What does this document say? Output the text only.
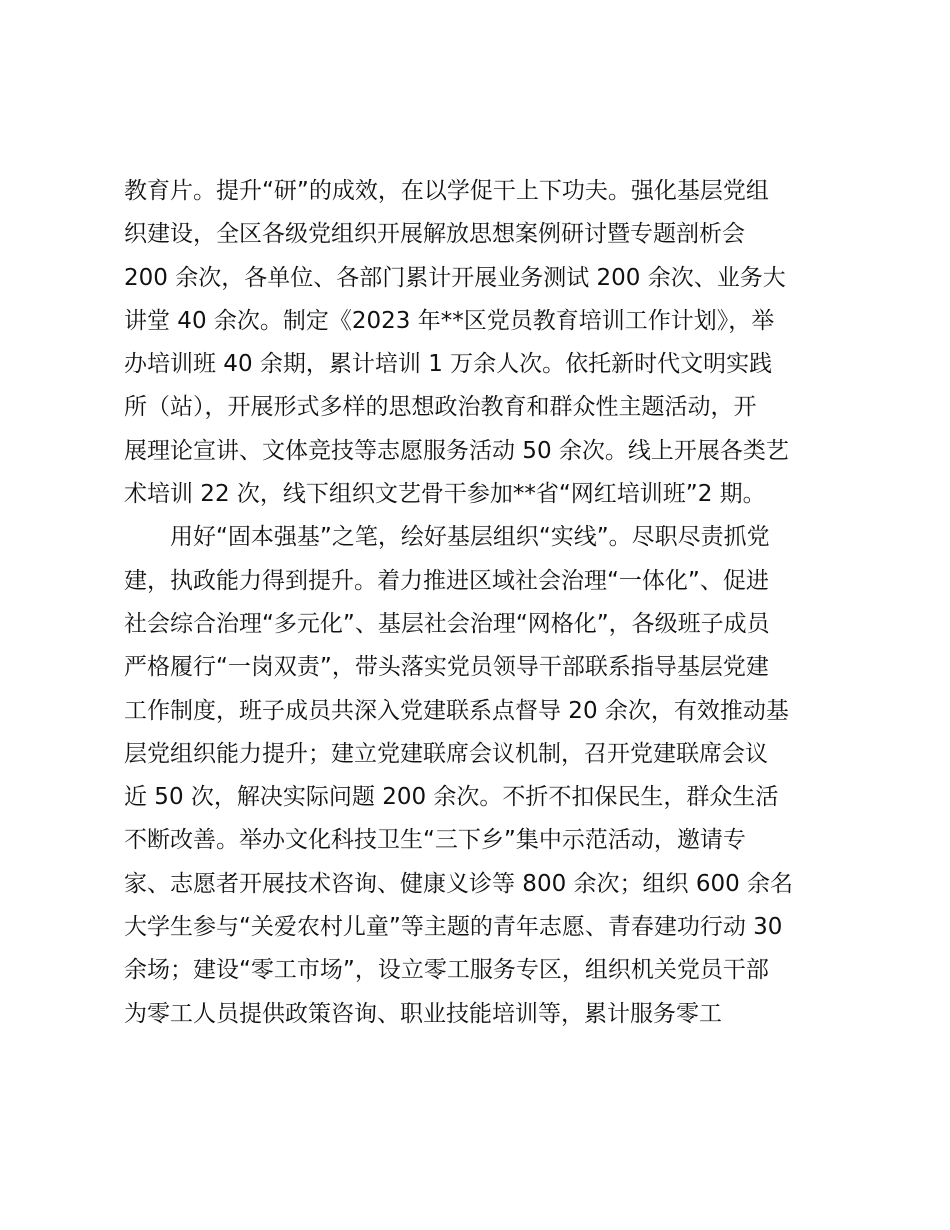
教育片。提升“研”的成效，在以学促干上下功夫。强化基层党组
织建设，全区各级党组织开展解放思想案例研讨暨专题剖析会
200 余次，各单位、各部门累计开展业务测试 200 余次、业务大
讲堂 40 余次。制定《2023 年**区党员教育培训工作计划》，举
办培训班 40 余期，累计培训 1 万余人次。依托新时代文明实践
所（站），开展形式多样的思想政治教育和群众性主题活动，开
展理论宣讲、文体竞技等志愿服务活动 50 余次。线上开展各类艺
术培训 22 次，线下组织文艺骨干参加**省“网红培训班”2 期。
用好“固本强基”之笔，绘好基层组织“实线”。尽职尽责抓党
建，执政能力得到提升。着力推进区域社会治理“一体化”、促进
社会综合治理“多元化”、基层社会治理“网格化”，各级班子成员
严格履行“一岗双责”，带头落实党员领导干部联系指导基层党建
工作制度，班子成员共深入党建联系点督导 20 余次，有效推动基
层党组织能力提升；建立党建联席会议机制，召开党建联席会议
近 50 次，解决实际问题 200 余次。不折不扣保民生，群众生活
不断改善。举办文化科技卫生“三下乡”集中示范活动，邀请专
家、志愿者开展技术咨询、健康义诊等 800 余次；组织 600 余名
大学生参与“关爱农村儿童”等主题的青年志愿、青春建功行动 30
余场；建设“零工市场”，设立零工服务专区，组织机关党员干部
为零工人员提供政策咨询、职业技能培训等，累计服务零工
